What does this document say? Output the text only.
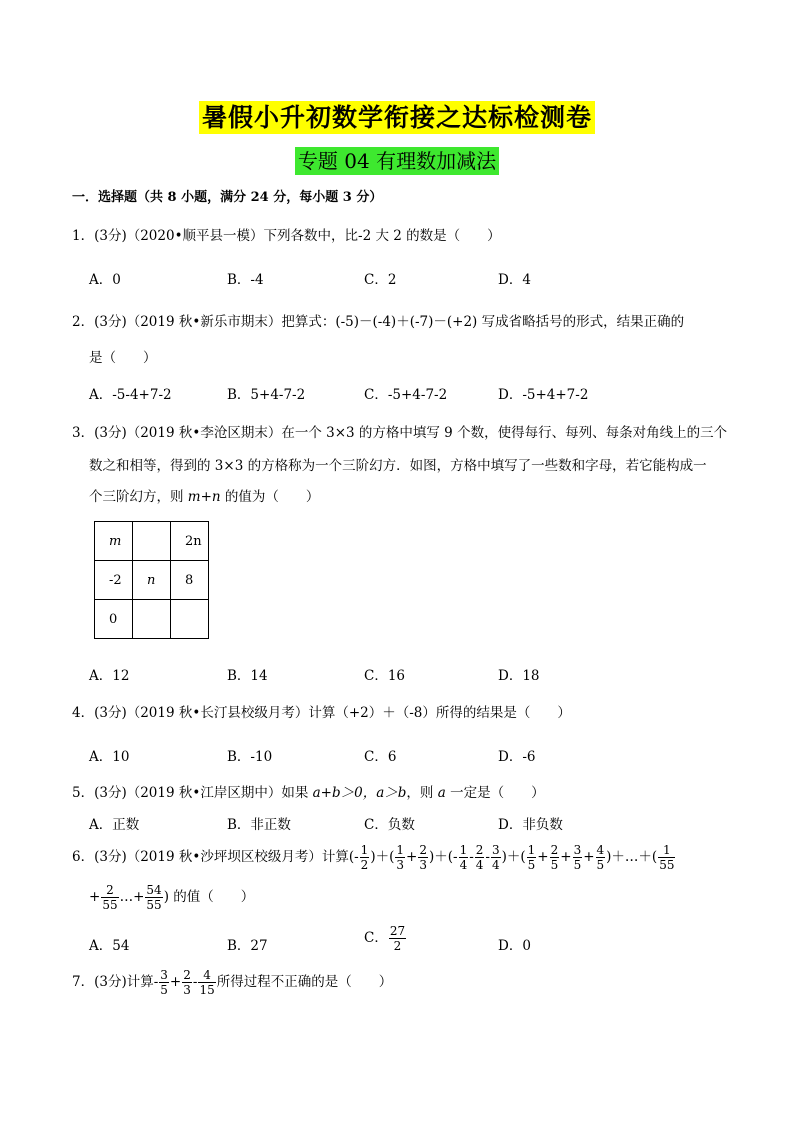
暑假小升初数学衔接之达标检测卷
专题 04 有理数加减法
一．选择题（共 8 小题，满分 24 分，每小题 3 分）
1．(3分)（2020•顺平县一模）下列各数中，比-2 大 2 的数是（　　）
A．0	B．-4	C．2	D．4
2．(3分)（2019 秋•新乐市期末）把算式：(-5)－(-4)＋(-7)－(+2) 写成省略括号的形式，结果正确的
是（　　）
A．-5-4+7-2	B．5+4-7-2	C．-5+4-7-2	D．-5+4+7-2
3．(3分)（2019 秋•李沧区期末）在一个 3×3 的方格中填写 9 个数，使得每行、每列、每条对角线上的三个
数之和相等，得到的 3×3 的方格称为一个三阶幻方．如图，方格中填写了一些数和字母，若它能构成一
个三阶幻方，则 m+n 的值为（　　）
m		2n
-2	n	8
0		
A．12	B．14	C．16	D．18
4．(3分)（2019 秋•长汀县校级月考）计算（+2）＋（-8）所得的结果是（　　）
A．10	B．-10	C．6	D．-6
5．(3分)（2019 秋•江岸区期中）如果 a+b＞0，a＞b，则 a 一定是（　　）
A．正数	B．非正数	C．负数	D．非负数
6．(3分)（2019 秋•沙坪坝区校级月考）计算(- $\frac{1}{2}$ )＋( $\frac{1}{3} + \frac{2}{3}$ )＋(- $\frac{1}{4} - \frac{2}{4} - \frac{3}{4}$ )＋( $\frac{1}{5} + \frac{2}{5} + \frac{3}{5} + \frac{4}{5}$ )＋…＋( $\frac{1}{55}$
+ $\frac{2}{55}$ …+ $\frac{54}{55}$ ) 的值（　　）
A．54	B．27	C． $\frac{27}{2}$	D．0
7．(3分)计算- $\frac{3}{5} + \frac{2}{3} - \frac{4}{15}$ 所得过程不正确的是（　　）
